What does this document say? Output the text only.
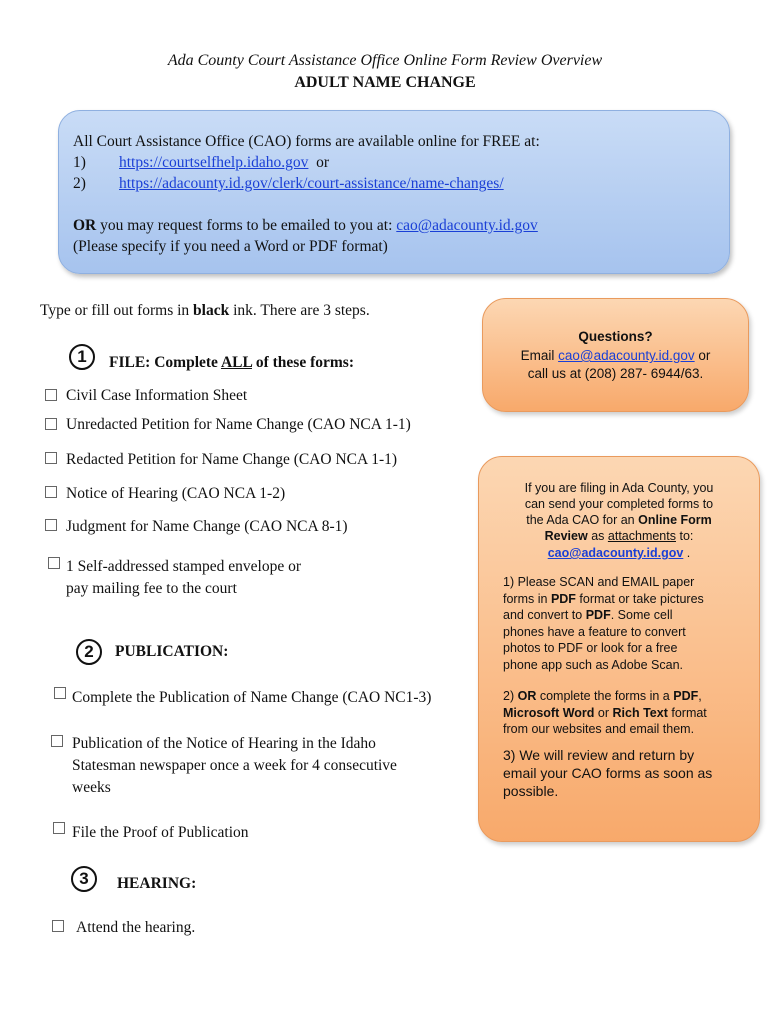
Ada County Court Assistance Office Online Form Review Overview
ADULT NAME CHANGE
All Court Assistance Office (CAO) forms are available online for FREE at:
1) https://courtselfhelp.idaho.gov or
2) https://adacounty.id.gov/clerk/court-assistance/name-changes/
OR you may request forms to be emailed to you at: cao@adacounty.id.gov
(Please specify if you need a Word or PDF format)
Type or fill out forms in black ink. There are 3 steps.
Questions?
Email cao@adacounty.id.gov or
call us at (208) 287- 6944/63.
1	FILE: Complete ALL of these forms:
Civil Case Information Sheet
Unredacted Petition for Name Change (CAO NCA 1-1)
Redacted Petition for Name Change (CAO NCA 1-1)
Notice of Hearing (CAO NCA 1-2)
Judgment for Name Change (CAO NCA 8-1)
1 Self-addressed stamped envelope or
pay mailing fee to the court
2	PUBLICATION:
Complete the Publication of Name Change (CAO NC1-3)
Publication of the Notice of Hearing in the Idaho
Statesman newspaper once a week for 4 consecutive
weeks
File the Proof of Publication
3	HEARING:
Attend the hearing.
If you are filing in Ada County, you
can send your completed forms to
the Ada CAO for an Online Form
Review as attachments to:
cao@adacounty.id.gov .
1) Please SCAN and EMAIL paper
forms in PDF format or take pictures
and convert to PDF. Some cell
phones have a feature to convert
photos to PDF or look for a free
phone app such as Adobe Scan.
2) OR complete the forms in a PDF,
Microsoft Word or Rich Text format
from our websites and email them.
3) We will review and return by
email your CAO forms as soon as
possible.
